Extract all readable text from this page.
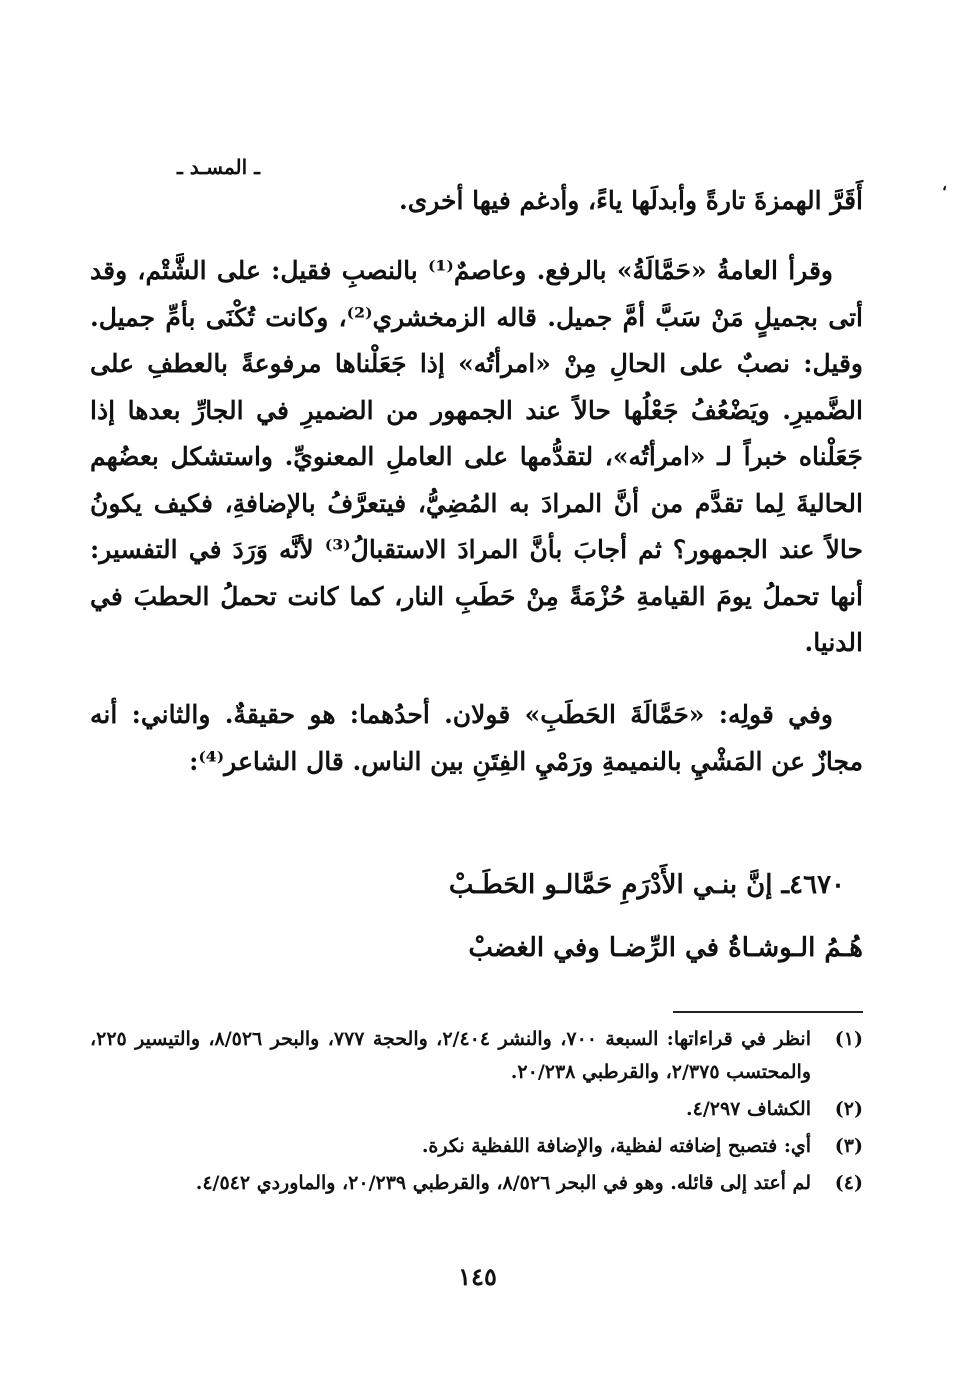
ـ المسـد ـ
،

أَقَرَّ الهمزةَ تارةً وأبدلَها ياءً، وأدغم فيها أخرى.

وقرأ العامةُ «حَمَّالَةُ» بالرفع. وعاصمٌ⁽¹⁾ بالنصبِ فقيل: على الشَّتْم، وقد أتى بجميلٍ مَنْ سَبَّ أمَّ جميل. قاله الزمخشري⁽²⁾، وكانت تُكْنَى بأمِّ جميل. وقيل: نصبٌ على الحالِ مِنْ «امرأتُه» إذا جَعَلْناها مرفوعةً بالعطفِ على الضَّميرِ. ويَضْعُفُ جَعْلُها حالاً عند الجمهور من الضميرِ في الجارِّ بعدها إذا جَعَلْناه خبراً لـ «امرأتُه»، لتقدُّمها على العاملِ المعنويِّ. واستشكل بعضُهم الحاليةَ لِما تقدَّم من أنَّ المرادَ به المُضِيُّ، فيتعرَّفُ بالإضافةِ، فكيف يكونُ حالاً عند الجمهور؟ ثم أجابَ بأنَّ المرادَ الاستقبالُ⁽³⁾ لأنَّه وَرَدَ في التفسير: أنها تحملُ يومَ القيامةِ حُزْمَةً مِنْ حَطَبِ النار، كما كانت تحملُ الحطبَ في الدنيا.

وفي قولِه: «حَمَّالَةَ الحَطَبِ» قولان. أحدُهما: هو حقيقةٌ. والثاني: أنه مجازٌ عن المَشْيِ بالنميمةِ ورَمْيِ الفِتَنِ بين الناس. قال الشاعر⁽⁴⁾:

٤٦٧٠ـ إنَّ بنـي الأَدْرَمِ حَمَّالـو الحَطَـبْ
هُـمُ الـوشـاةُ في الرِّضـا وفي الغضبْ
(١)
انظر في قراءاتها: السبعة ٧٠٠، والنشر ٢/٤٠٤، والحجة ٧٧٧، والبحر ٨/٥٢٦، والتيسير ٢٢٥، والمحتسب ٢/٣٧٥، والقرطبي ٢٠/٢٣٨.
(٢)
الكشاف ٤/٢٩٧.
(٣)
أي: فتصبح إضافته لفظية، والإضافة اللفظية نكرة.
(٤)
لم أعتد إلى قائله. وهو في البحر ٨/٥٢٦، والقرطبي ٢٠/٢٣٩، والماوردي ٤/٥٤٢.
١٤٥
